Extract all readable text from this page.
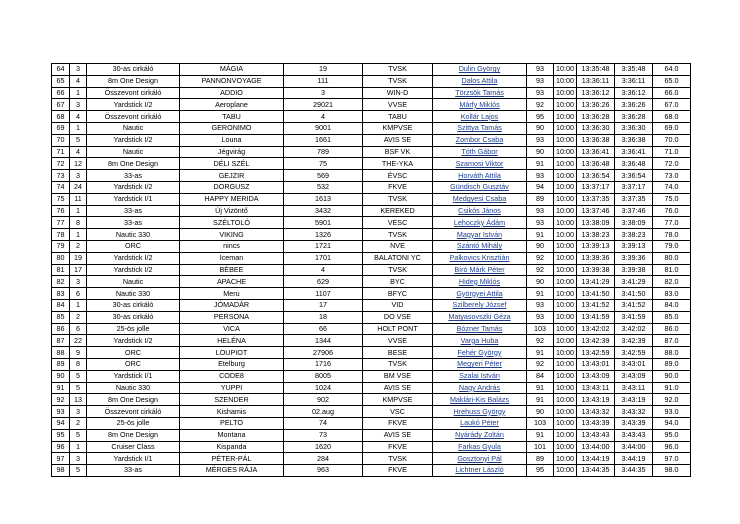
64	3	30-as cirkáló	MÁGIA	19	TVSK	Dulin György	93	10:00	13:35:48	3:35:48	64.0
65	4	8m One Design	PANNONVOYAGE	111	TVSK	Dalos Attila	93	10:00	13:36:11	3:36:11	65.0
66	1	Összevont cirkáló	ADDIO	3	WIN-D	Törzsök Tamás	93	10:00	13:36:12	3:36:12	66.0
67	3	Yardstick I/2	Aeroplane	29021	VVSE	Márfy Miklós	92	10:00	13:36:26	3:36:26	67.0
68	4	Összevont cirkáló	TABU	4	TABU	Kollár Lajos	95	10:00	13:36:28	3:36:28	68.0
69	1	Nautic	GERONIMO	9001	KMPVSE	Szittya Tamás	90	10:00	13:36:30	3:36:30	69.0
70	5	Yardstick I/2	Louna	1661	AVIS SE	Zombor Csaba	93	10:00	13:36:38	3:36:38	70.0
71	4	Nautic	Jégvirág	789	BSF VK	Tóth Gábor	90	10:00	13:36:41	3:36:41	71.0
72	12	8m One Design	DÉLI SZÉL	75	THE-YKA	Szamosi Viktor	91	10:00	13:36:48	3:36:48	72.0
73	3	33-as	GEJZIR	569	ÉVSC	Horváth Attila	93	10:00	13:36:54	3:36:54	73.0
74	24	Yardstick I/2	DORGUSZ	532	FKVE	Gündisch Gusztáv	94	10:00	13:37:17	3:37:17	74.0
75	11	Yardstick I/1	HAPPY MERIDA	1613	TVSK	Medgyesi Csaba	89	10:00	13:37:35	3:37:35	75.0
76	1	33-as	Új Vizöntő	3432	KEREKED	Csikós János	93	10:00	13:37:46	3:37:46	76.0
77	8	33-as	SZÉLTOLÓ	5901	VESC	Lehoczky Ádám	93	10:00	13:38:09	3:38:09	77.0
78	1	Nautic 330	VIKING	1326	TVSK	Magyar István	91	10:00	13:38:23	3:38:23	78.0
79	2	ORC	nincs	1721	NVE	Szántó Mihály	90	10:00	13:39:13	3:39:13	79.0
80	19	Yardstick I/2	Iceman	1701	BALATONI YC	Palkovics Krisztián	92	10:00	13:39:36	3:39:36	80.0
81	17	Yardstick I/2	BÉBEE	4	TVSK	Bíró Márk Péter	92	10:00	13:39:38	3:39:38	81.0
82	3	Nautic	APACHE	629	BYC	Hideg Miklós	90	10:00	13:41:29	3:41:29	82.0
83	6	Nautic 330	Meru	1107	BFYC	Györgyei Attila	91	10:00	13:41:50	3:41:50	83.0
84	1	30-as cirkáló	JÓMADÁR	17	VID	Szilberely József	93	10:00	13:41:52	3:41:52	84.0
85	2	30-as cirkáló	PERSONA	18	DO VSE	Matyasovszki Géza	93	10:00	13:41:59	3:41:59	85.0
86	6	25-ös jolle	VICA	66	HOLT PONT	Bózner Tamás	103	10:00	13:42:02	3:42:02	86.0
87	22	Yardstick I/2	HELÉNA	1344	VVSE	Varga Huba	92	10:00	13:42:39	3:42:39	87.0
88	9	ORC	LOUPIOT	27906	BESE	Fehér György	91	10:00	13:42:59	3:42:59	88.0
89	8	ORC	Etelburg	1716	TVSK	Megyeri Péter	92	10:00	13:43:01	3:43:01	89.0
90	5	Yardstick I/1	CODE8	8005	BM VSE	Szalai István	84	10:00	13:43:09	3:43:09	90.0
91	5	Nautic 330	YUPPI	1024	AVIS SE	Nagy András	91	10:00	13:43:11	3:43:11	91.0
92	13	8m One Design	SZENDER	902	KMPVSE	Maklári-Kis Balázs	91	10:00	13:43:19	3:43:19	92.0
93	3	Összevont cirkáló	Kishamis	02.aug	VSC	Hrehuss György	90	10:00	13:43:32	3:43:32	93.0
94	2	25-ös jolle	PELTO	74	FKVE	Laukó Péter	103	10:00	13:43:39	3:43:39	94.0
95	5	8m One Design	Montana	73	AVIS SE	Nyárády Zoltán	91	10:00	13:43:43	3:43:43	95.0
96	1	Cruiser Class	Kispanda	1620	FKVE	Farkas Gyula	101	10:00	13:44:00	3:44:00	96.0
97	3	Yardstick I/1	PÉTER-PÁL	284	TVSK	Gosztonyi Pál	89	10:00	13:44:19	3:44:19	97.0
98	5	33-as	MÉRGES RÁJA	963	FKVE	Lichtner László	95	10:00	13:44:35	3:44:35	98.0
